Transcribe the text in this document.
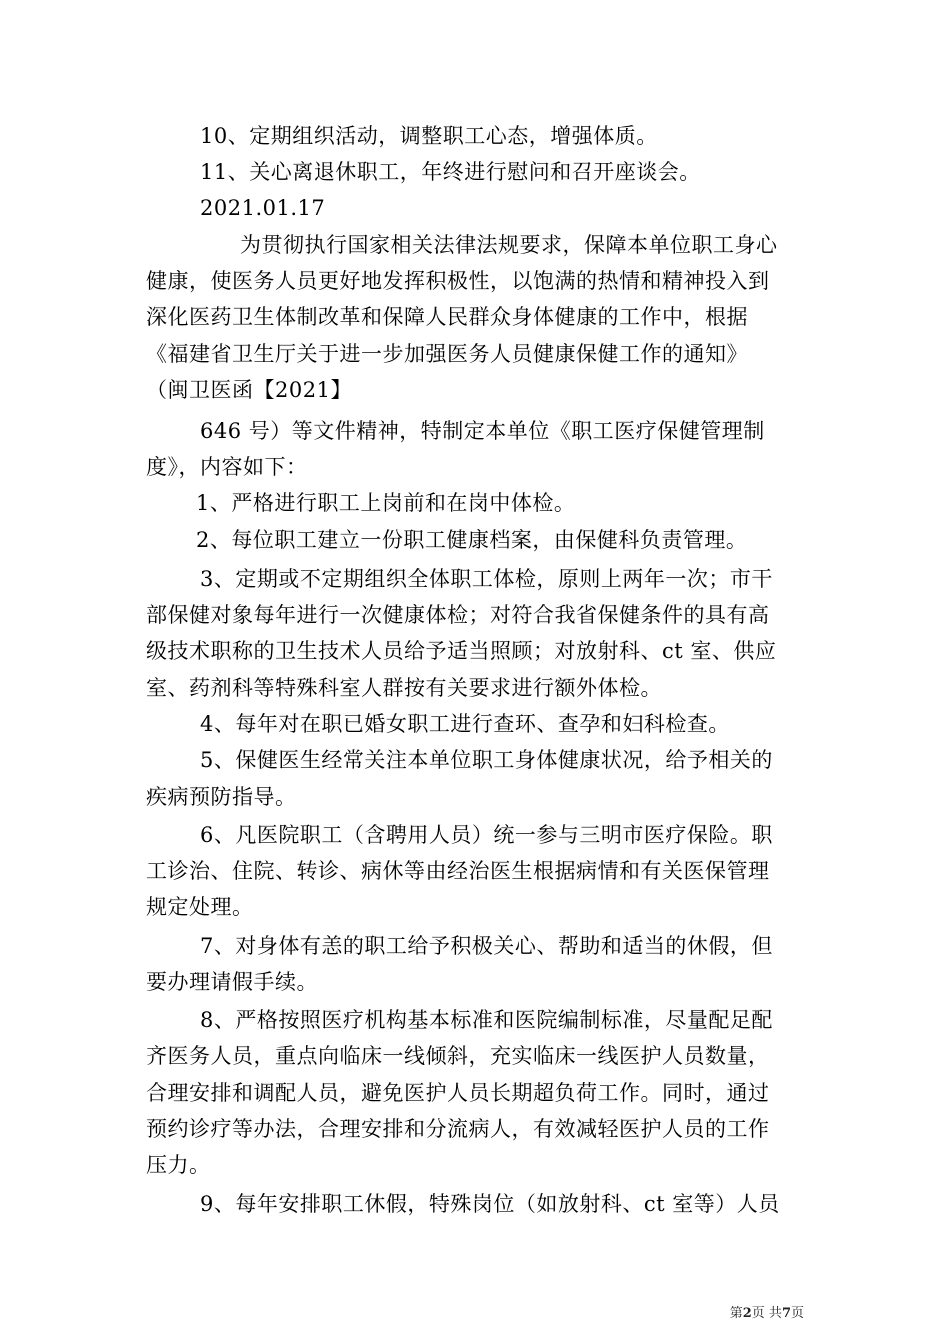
10、定期组织活动，调整职工心态，增强体质。
11、关心离退休职工，年终进行慰问和召开座谈会。
2021.01.17
为贯彻执行国家相关法律法规要求，保障本单位职工身心
健康，使医务人员更好地发挥积极性，以饱满的热情和精神投入到
深化医药卫生体制改革和保障人民群众身体健康的工作中，根据
《福建省卫生厅关于进一步加强医务人员健康保健工作的通知》
（闽卫医函【2021】
646 号）等文件精神，特制定本单位《职工医疗保健管理制
度》，内容如下：
1、严格进行职工上岗前和在岗中体检。
2、每位职工建立一份职工健康档案，由保健科负责管理。
3、定期或不定期组织全体职工体检，原则上两年一次；市干
部保健对象每年进行一次健康体检；对符合我省保健条件的具有高
级技术职称的卫生技术人员给予适当照顾；对放射科、ct 室、供应
室、药剂科等特殊科室人群按有关要求进行额外体检。
4、每年对在职已婚女职工进行查环、查孕和妇科检查。
5、保健医生经常关注本单位职工身体健康状况，给予相关的
疾病预防指导。
6、凡医院职工（含聘用人员）统一参与三明市医疗保险。职
工诊治、住院、转诊、病休等由经治医生根据病情和有关医保管理
规定处理。
7、对身体有恙的职工给予积极关心、帮助和适当的休假，但
要办理请假手续。
8、严格按照医疗机构基本标准和医院编制标准，尽量配足配
齐医务人员，重点向临床一线倾斜，充实临床一线医护人员数量，
合理安排和调配人员，避免医护人员长期超负荷工作。同时，通过
预约诊疗等办法，合理安排和分流病人，有效减轻医护人员的工作
压力。
9、每年安排职工休假，特殊岗位（如放射科、ct 室等）人员
第2页 共7页
